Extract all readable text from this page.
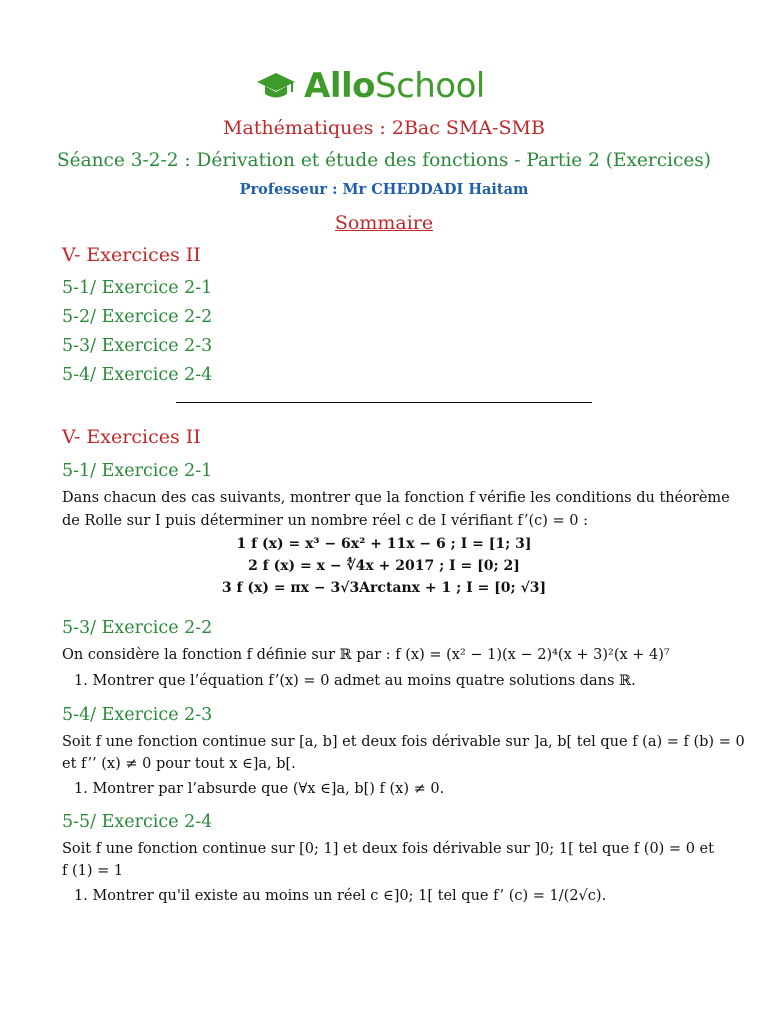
AlloSchool
Mathématiques : 2Bac SMA-SMB
Séance 3-2-2 : Dérivation et étude des fonctions - Partie 2 (Exercices)
Professeur : Mr CHEDDADI Haitam
Sommaire
V- Exercices II
5-1/ Exercice 2-1
5-2/ Exercice 2-2
5-3/ Exercice 2-3
5-4/ Exercice 2-4
V- Exercices II
5-1/ Exercice 2-1
Dans chacun des cas suivants, montrer que la fonction f vérifie les conditions du théorème
de Rolle sur I puis déterminer un nombre réel c de I vérifiant f’(c) = 0 :
1 f (x) = x³ − 6x² + 11x − 6 ; I = [1; 3]
2 f (x) = x − ∜4x + 2017 ; I = [0; 2]
3 f (x) = πx − 3√3Arctanx + 1 ; I = [0; √3]
5-3/ Exercice 2-2
On considère la fonction f définie sur ℝ par : f (x) = (x² − 1)(x − 2)⁴(x + 3)²(x + 4)⁷
1. Montrer que l’équation f’(x) = 0 admet au moins quatre solutions dans ℝ.
5-4/ Exercice 2-3
Soit f une fonction continue sur [a, b] et deux fois dérivable sur ]a, b[ tel que f (a) = f (b) = 0
et f’’ (x) ≠ 0 pour tout x ∈]a, b[.
1. Montrer par l’absurde que (∀x ∈]a, b[) f (x) ≠ 0.
5-5/ Exercice 2-4
Soit f une fonction continue sur [0; 1] et deux fois dérivable sur ]0; 1[ tel que f (0) = 0 et
f (1) = 1
1. Montrer qu'il existe au moins un réel c ∈]0; 1[ tel que f’ (c) = 1/(2√c).
